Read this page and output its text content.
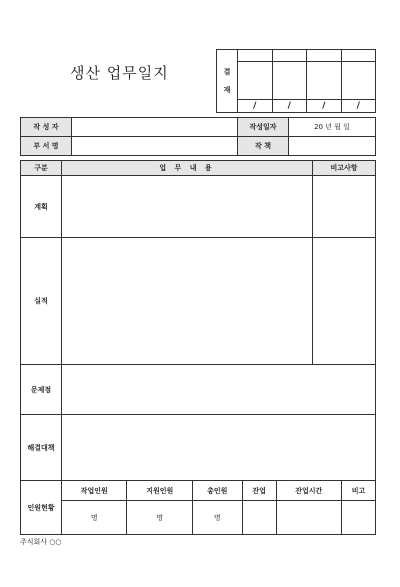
생산 업무일지	결

재				

	/	/	/	/
작 성 자		작성일자	20 년 월 일
부 서 명		작 책	
구분	업 무 내 용	비고사항
계획		
실적		
문제점		
해결대책		
인원현황	작업인원	지원인원	총인원	잔업	잔업시간	비고
	명	명	명			
주식회사 ○○
